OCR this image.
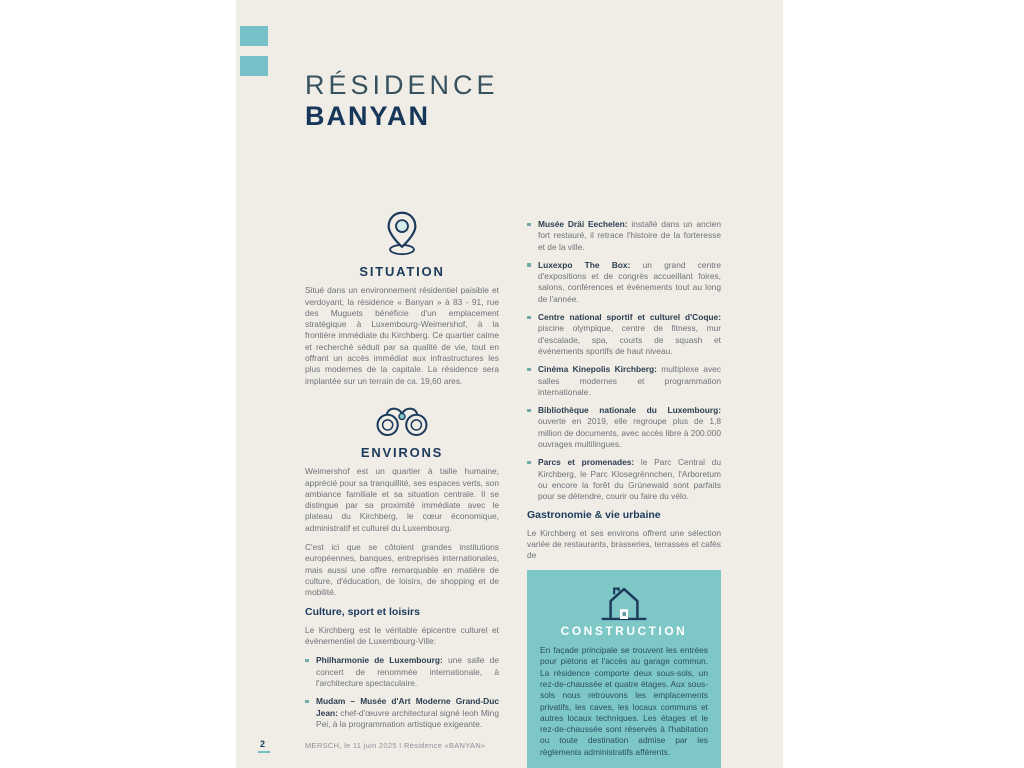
RÉSIDENCE
BANYAN
SITUATION

Situé dans un environnement résidentiel paisible et verdoyant, la résidence « Banyan » à 83 - 91, rue des Muguets bénéficie d'un emplacement stratégique à Luxembourg-Weimershof, à la frontière immédiate du Kirchberg. Ce quartier calme et recherché séduit par sa qualité de vie, tout en offrant un accès immédiat aux infrastructures les plus modernes de la capitale. La résidence sera implantée sur un terrain de ca. 19,60 ares.

ENVIRONS

Weimershof est un quartier à taille humaine, apprécié pour sa tranquillité, ses espaces verts, son ambiance familiale et sa situation centrale. Il se distingue par sa proximité immédiate avec le plateau du Kirchberg, le cœur économique, administratif et culturel du Luxembourg.

C'est ici que se côtoient grandes institutions européennes, banques, entreprises internationales, mais aussi une offre remarquable en matière de culture, d'éducation, de loisirs, de shopping et de mobilité.

Culture, sport et loisirs

Le Kirchberg est le véritable épicentre culturel et événementiel de Luxembourg-Ville:

Philharmonie de Luxembourg: une salle de concert de renommée internationale, à l'architecture spectaculaire.
Mudam – Musée d'Art Moderne Grand-Duc Jean: chef-d'œuvre architectural signé Ieoh Ming Pei, à la programmation artistique exigeante.
Musée Dräi Eechelen: installé dans un ancien fort restauré, il retrace l'histoire de la forteresse et de la ville.
Luxexpo The Box: un grand centre d'expositions et de congrès accueillant foires, salons, conférences et événements tout au long de l'année.
Centre national sportif et culturel d'Coque: piscine olympique, centre de fitness, mur d'escalade, spa, courts de squash et événements sportifs de haut niveau.
Cinéma Kinepolis Kirchberg: multiplexe avec salles modernes et programmation internationale.
Bibliothèque nationale du Luxembourg: ouverte en 2019, elle regroupe plus de 1,8 million de documents, avec accès libre à 200.000 ouvrages multilingues.
Parcs et promenades: le Parc Central du Kirchberg, le Parc Klosegrënnchen, l'Arboretum ou encore la forêt du Grünewald sont parfaits pour se détendre, courir ou faire du vélo.
Gastronomie & vie urbaine

Le Kirchberg et ses environs offrent une sélection variée de restaurants, brasseries, terrasses et cafés de

CONSTRUCTION

En façade principale se trouvent les entrées pour piétons et l'accès au garage commun. La résidence comporte deux sous-sols, un rez-de-chaussée et quatre étages. Aux sous-sols nous retrouvons les emplacements privatifs, les caves, les locaux communs et autres locaux techniques. Les étages et le rez-de-chaussée sont réservés à l'habitation ou toute destination admise par les règlements administratifs afférents.

2	MERSCH, le 11 juin 2025 I Résidence «BANYAN»
